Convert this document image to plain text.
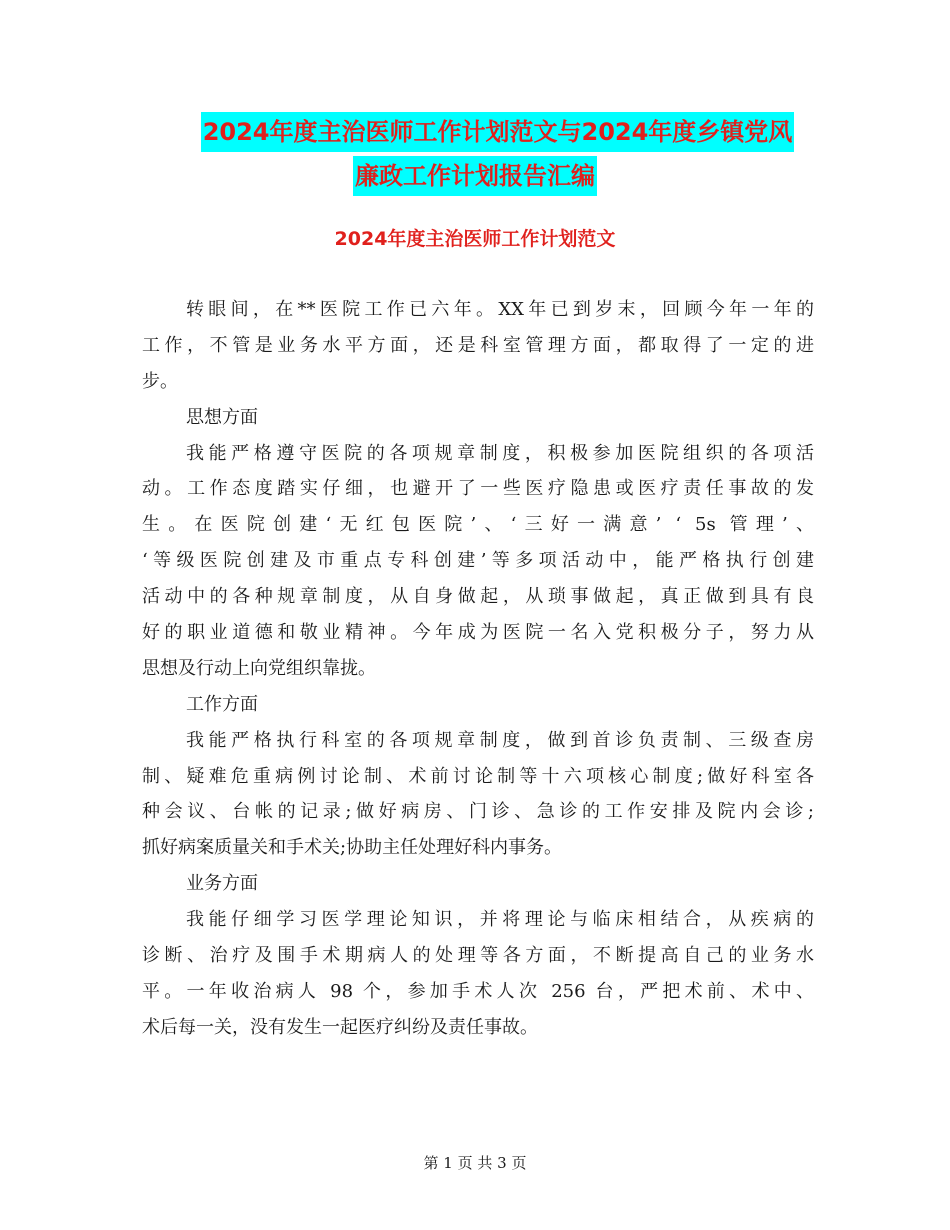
2024年度主治医师工作计划范文与2024年度乡镇党风
廉政工作计划报告汇编
2024年度主治医师工作计划范文
转眼间，在**医院工作已六年。XX年已到岁末，回顾今年一年的
工作，不管是业务水平方面，还是科室管理方面，都取得了一定的进
步。
思想方面
我能严格遵守医院的各项规章制度，积极参加医院组织的各项活
动。工作态度踏实仔细，也避开了一些医疗隐患或医疗责任事故的发
生。在医院创建‘无红包医院’、‘三好一满意’ ‘ 5s 管理’、
‘等级医院创建及市重点专科创建’等多项活动中，能严格执行创建
活动中的各种规章制度，从自身做起，从琐事做起，真正做到具有良
好的职业道德和敬业精神。今年成为医院一名入党积极分子，努力从
思想及行动上向党组织靠拢。
工作方面
我能严格执行科室的各项规章制度，做到首诊负责制、三级查房
制、疑难危重病例讨论制、术前讨论制等十六项核心制度;做好科室各
种会议、台帐的记录;做好病房、门诊、急诊的工作安排及院内会诊;
抓好病案质量关和手术关;协助主任处理好科内事务。
业务方面
我能仔细学习医学理论知识，并将理论与临床相结合，从疾病的
诊断、治疗及围手术期病人的处理等各方面，不断提高自己的业务水
平。一年收治病人 98 个，参加手术人次 256 台，严把术前、术中、
术后每一关，没有发生一起医疗纠纷及责任事故。
第 1 页 共 3 页
